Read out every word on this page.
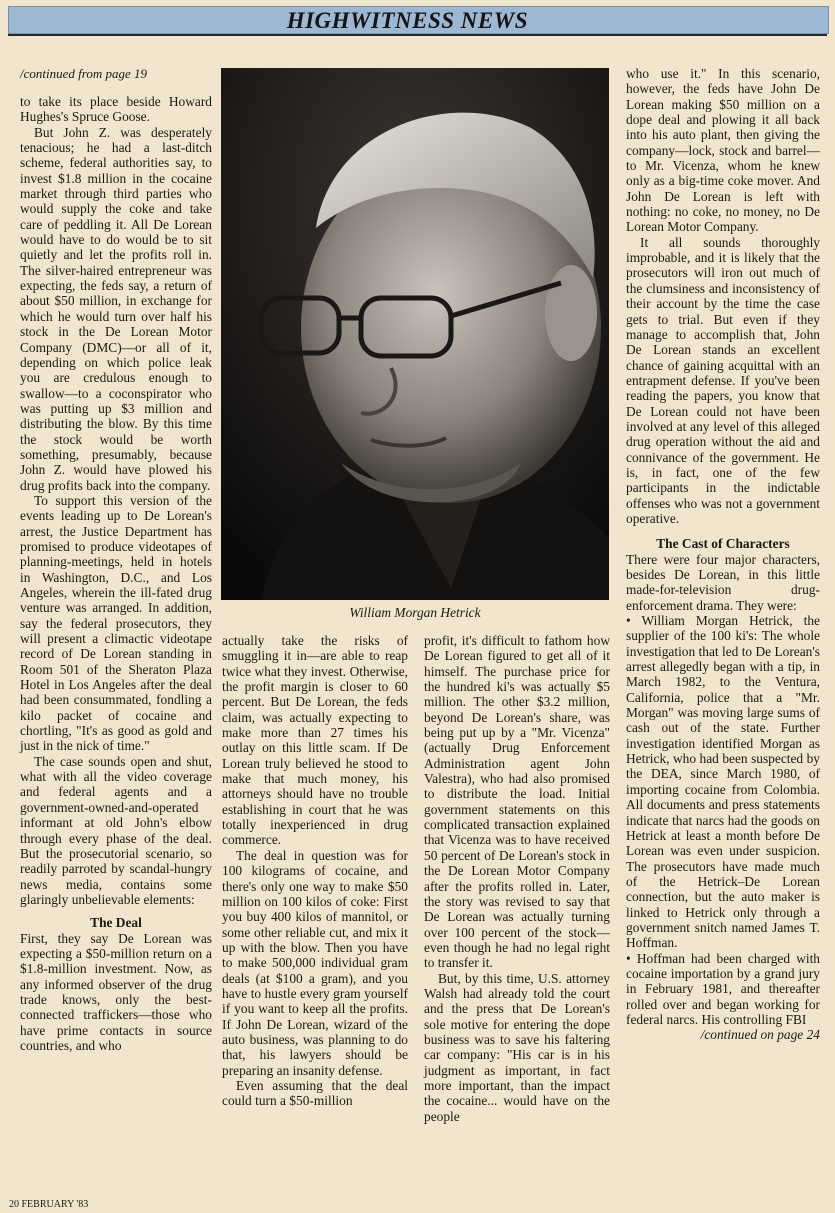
HIGHWITNESS NEWS
/continued from page 19

to take its place beside Howard Hughes's Spruce Goose.

But John Z. was desperately tenacious; he had a last-ditch scheme, federal authorities say, to invest $1.8 million in the cocaine market through third parties who would supply the coke and take care of peddling it. All De Lorean would have to do would be to sit quietly and let the profits roll in. The silver-haired entrepreneur was expecting, the feds say, a return of about $50 million, in exchange for which he would turn over half his stock in the De Lorean Motor Company (DMC)—or all of it, depending on which police leak you are credulous enough to swallow—to a coconspirator who was putting up $3 million and distributing the blow. By this time the stock would be worth something, presumably, because John Z. would have plowed his drug profits back into the company.

To support this version of the events leading up to De Lorean's arrest, the Justice Department has promised to produce videotapes of planning-meetings, held in hotels in Washington, D.C., and Los Angeles, wherein the ill-fated drug venture was arranged. In addition, say the federal prosecutors, they will present a climactic videotape record of De Lorean standing in Room 501 of the Sheraton Plaza Hotel in Los Angeles after the deal had been consummated, fondling a kilo packet of cocaine and chortling, "It's as good as gold and just in the nick of time."

The case sounds open and shut, what with all the video coverage and federal agents and a government-owned-and-operated informant at old John's elbow through every phase of the deal. But the prosecutorial scenario, so readily parroted by scandal-hungry news media, contains some glaringly unbelievable elements:

The Deal

First, they say De Lorean was expecting a $50-million return on a $1.8-million investment. Now, as any informed observer of the drug trade knows, only the best-connected traffickers—those who have prime contacts in source countries, and who

William Morgan Hetrick

actually take the risks of smuggling it in—are able to reap twice what they invest. Otherwise, the profit margin is closer to 60 percent. But De Lorean, the feds claim, was actually expecting to make more than 27 times his outlay on this little scam. If De Lorean truly believed he stood to make that much money, his attorneys should have no trouble establishing in court that he was totally inexperienced in drug commerce.

The deal in question was for 100 kilograms of cocaine, and there's only one way to make $50 million on 100 kilos of coke: First you buy 400 kilos of mannitol, or some other reliable cut, and mix it up with the blow. Then you have to make 500,000 individual gram deals (at $100 a gram), and you have to hustle every gram yourself if you want to keep all the profits. If John De Lorean, wizard of the auto business, was planning to do that, his lawyers should be preparing an insanity defense.

Even assuming that the deal could turn a $50-million

profit, it's difficult to fathom how De Lorean figured to get all of it himself. The purchase price for the hundred ki's was actually $5 million. The other $3.2 million, beyond De Lorean's share, was being put up by a "Mr. Vicenza" (actually Drug Enforcement Administration agent John Valestra), who had also promised to distribute the load. Initial government statements on this complicated transaction explained that Vicenza was to have received 50 percent of De Lorean's stock in the De Lorean Motor Company after the profits rolled in. Later, the story was revised to say that De Lorean was actually turning over 100 percent of the stock—even though he had no legal right to transfer it.

But, by this time, U.S. attorney Walsh had already told the court and the press that De Lorean's sole motive for entering the dope business was to save his faltering car company: "His car is in his judgment as important, in fact more important, than the impact the cocaine... would have on the people

who use it." In this scenario, however, the feds have John De Lorean making $50 million on a dope deal and plowing it all back into his auto plant, then giving the company—lock, stock and barrel—to Mr. Vicenza, whom he knew only as a big-time coke mover. And John De Lorean is left with nothing: no coke, no money, no De Lorean Motor Company.

It all sounds thoroughly improbable, and it is likely that the prosecutors will iron out much of the clumsiness and inconsistency of their account by the time the case gets to trial. But even if they manage to accomplish that, John De Lorean stands an excellent chance of gaining acquittal with an entrapment defense. If you've been reading the papers, you know that De Lorean could not have been involved at any level of this alleged drug operation without the aid and connivance of the government. He is, in fact, one of the few participants in the indictable offenses who was not a government operative.

The Cast of Characters

There were four major characters, besides De Lorean, in this little made-for-television drug-enforcement drama. They were:

• William Morgan Hetrick, the supplier of the 100 ki's: The whole investigation that led to De Lorean's arrest allegedly began with a tip, in March 1982, to the Ventura, California, police that a "Mr. Morgan" was moving large sums of cash out of the state. Further investigation identified Morgan as Hetrick, who had been suspected by the DEA, since March 1980, of importing cocaine from Colombia. All documents and press statements indicate that narcs had the goods on Hetrick at least a month before De Lorean was even under suspicion. The prosecutors have made much of the Hetrick–De Lorean connection, but the auto maker is linked to Hetrick only through a government snitch named James T. Hoffman.

• Hoffman had been charged with cocaine importation by a grand jury in February 1981, and thereafter rolled over and began working for federal narcs. His controlling FBI

/continued on page 24
20 FEBRUARY '83
